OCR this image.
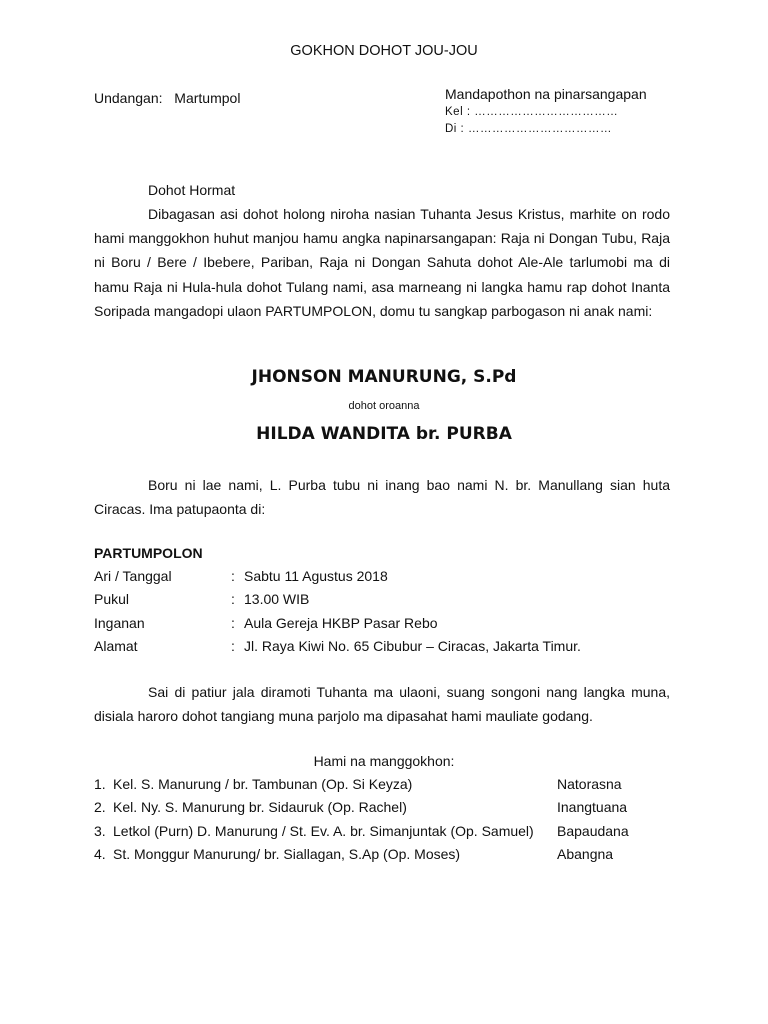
GOKHON DOHOT JOU-JOU
Undangan: Martumpol	Mandapothon na pinarsangapan
Kel : ………………………………
Di : ………………………………
Dohot Hormat
Dibagasan asi dohot holong niroha nasian Tuhanta Jesus Kristus, marhite on rodo hami manggokhon huhut manjou hamu angka napinarsangapan: Raja ni Dongan Tubu, Raja ni Boru / Bere / Ibebere, Pariban, Raja ni Dongan Sahuta dohot Ale-Ale tarlumobi ma di hamu Raja ni Hula-hula dohot Tulang nami, asa marneang ni langka hamu rap dohot Inanta Soripada mangadopi ulaon PARTUMPOLON, domu tu sangkap parbogason ni anak nami:
JHONSON MANURUNG, S.Pd
dohot oroanna
HILDA WANDITA br. PURBA
Boru ni lae nami, L. Purba tubu ni inang bao nami N. br. Manullang sian huta Ciracas. Ima patupaonta di:
PARTUMPOLON
Ari / Tanggal	: Sabtu 11 Agustus 2018
Pukul	: 13.00 WIB
Inganan	: Aula Gereja HKBP Pasar Rebo
Alamat	: Jl. Raya Kiwi No. 65 Cibubur – Ciracas, Jakarta Timur.
Sai di patiur jala diramoti Tuhanta ma ulaoni, suang songoni nang langka muna, disiala haroro dohot tangiang muna parjolo ma dipasahat hami mauliate godang.
Hami na manggokhon:
1. Kel. S. Manurung / br. Tambunan (Op. Si Keyza)	Natorasna
2. Kel. Ny. S. Manurung br. Sidauruk (Op. Rachel)	Inangtuana
3. Letkol (Purn) D. Manurung / St. Ev. A. br. Simanjuntak (Op. Samuel) Bapaudana
4. St. Monggur Manurung/ br. Siallagan, S.Ap (Op. Moses)	Abangna
